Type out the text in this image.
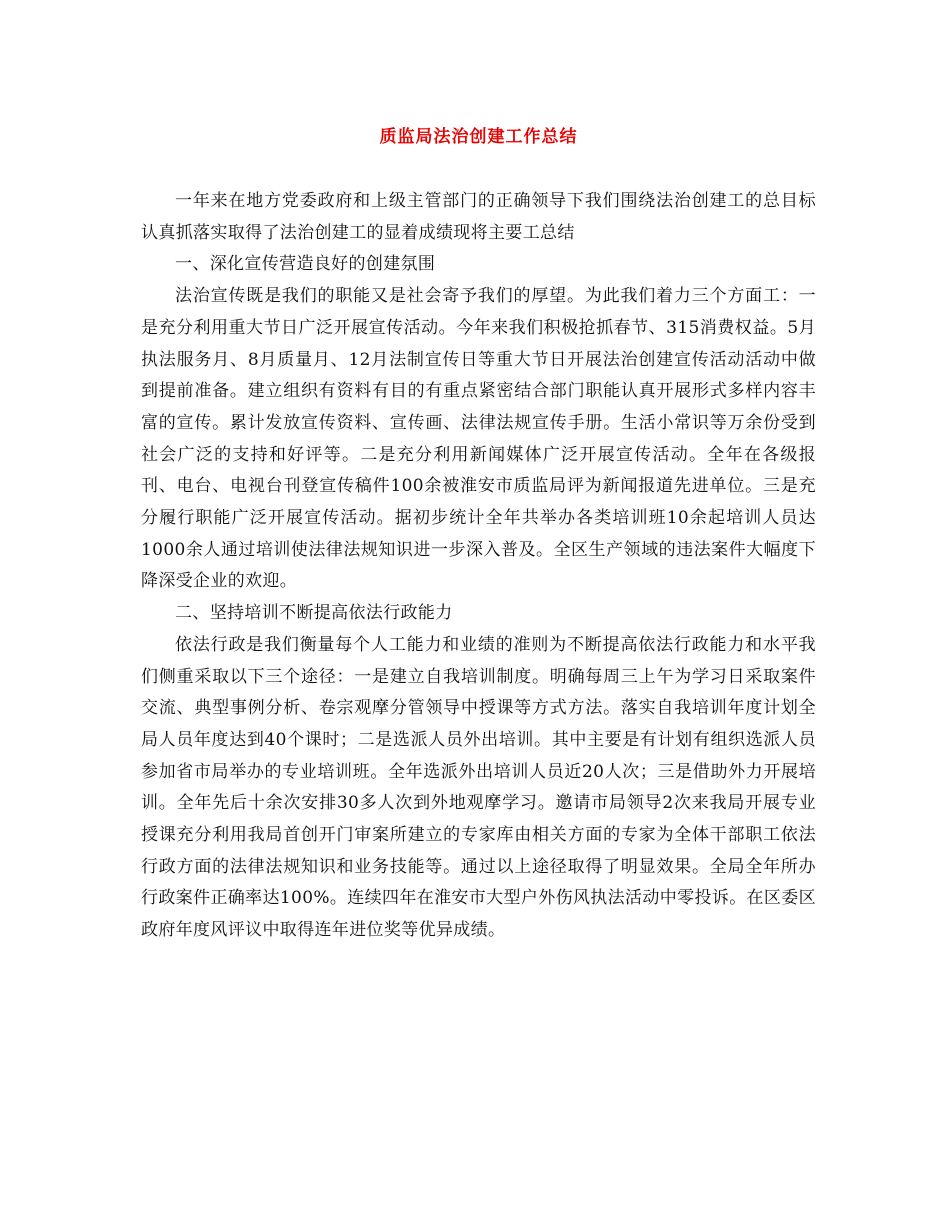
质监局法治创建工作总结

一年来在地方党委政府和上级主管部门的正确领导下我们围绕法治创建工的总目标认真抓落实取得了法治创建工的显着成绩现将主要工总结

一、深化宣传营造良好的创建氛围

法治宣传既是我们的职能又是社会寄予我们的厚望。为此我们着力三个方面工：一是充分利用重大节日广泛开展宣传活动。今年来我们积极抢抓春节、315消费权益。5月执法服务月、8月质量月、12月法制宣传日等重大节日开展法治创建宣传活动活动中做到提前准备。建立组织有资料有目的有重点紧密结合部门职能认真开展形式多样内容丰富的宣传。累计发放宣传资料、宣传画、法律法规宣传手册。生活小常识等万余份受到社会广泛的支持和好评等。二是充分利用新闻媒体广泛开展宣传活动。全年在各级报刊、电台、电视台刊登宣传稿件100余被淮安市质监局评为新闻报道先进单位。三是充分履行职能广泛开展宣传活动。据初步统计全年共举办各类培训班10余起培训人员达1000余人通过培训使法律法规知识进一步深入普及。全区生产领域的违法案件大幅度下降深受企业的欢迎。

二、坚持培训不断提高依法行政能力

依法行政是我们衡量每个人工能力和业绩的准则为不断提高依法行政能力和水平我们侧重采取以下三个途径：一是建立自我培训制度。明确每周三上午为学习日采取案件交流、典型事例分析、卷宗观摩分管领导中授课等方式方法。落实自我培训年度计划全局人员年度达到40个课时；二是选派人员外出培训。其中主要是有计划有组织选派人员参加省市局举办的专业培训班。全年选派外出培训人员近20人次；三是借助外力开展培训。全年先后十余次安排30多人次到外地观摩学习。邀请市局领导2次来我局开展专业授课充分利用我局首创开门审案所建立的专家库由相关方面的专家为全体干部职工依法行政方面的法律法规知识和业务技能等。通过以上途径取得了明显效果。全局全年所办行政案件正确率达100%。连续四年在淮安市大型户外伤风执法活动中零投诉。在区委区政府年度风评议中取得连年进位奖等优异成绩。
